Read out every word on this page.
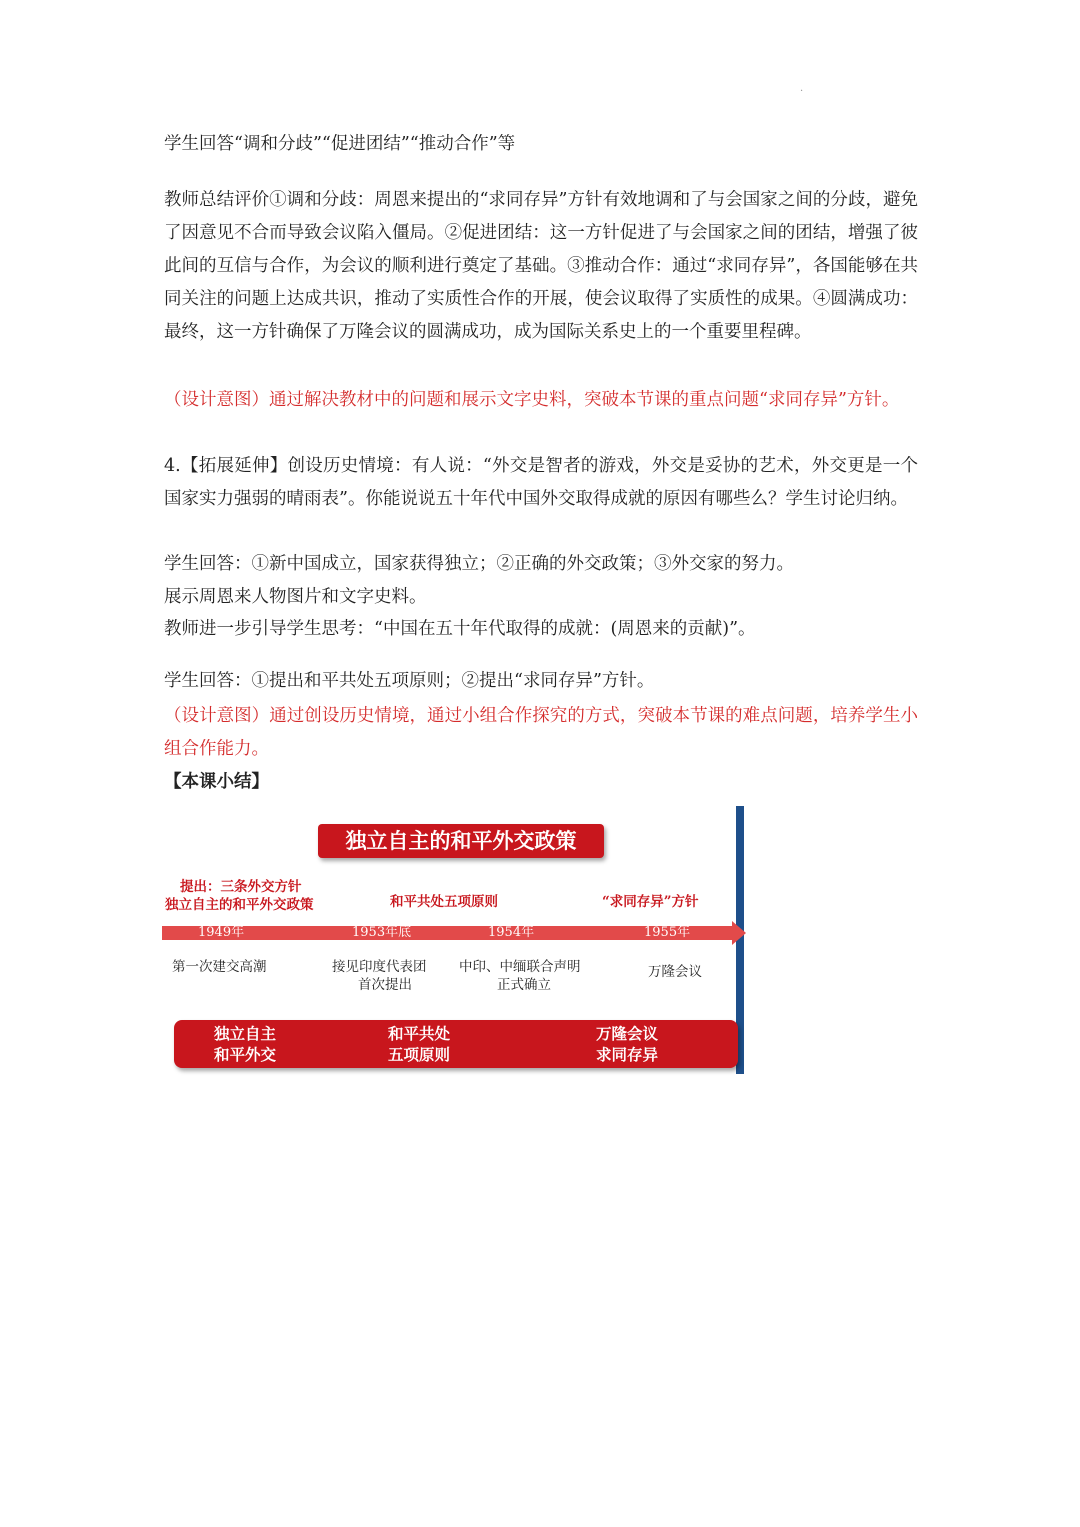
·

学生回答“调和分歧”“促进团结”“推动合作”等

教师总结评价①调和分歧：周恩来提出的“求同存异”方针有效地调和了与会国家之间的分歧，避免了因意见不合而导致会议陷入僵局。②促进团结：这一方针促进了与会国家之间的团结，增强了彼此间的互信与合作，为会议的顺利进行奠定了基础。③推动合作：通过“求同存异”，各国能够在共同关注的问题上达成共识，推动了实质性合作的开展，使会议取得了实质性的成果。④圆满成功：最终，这一方针确保了万隆会议的圆满成功，成为国际关系史上的一个重要里程碑。

（设计意图）通过解决教材中的问题和展示文字史料，突破本节课的重点问题“求同存异”方针。

4.【拓展延伸】创设历史情境：有人说：“外交是智者的游戏，外交是妥协的艺术，外交更是一个国家实力强弱的晴雨表”。你能说说五十年代中国外交取得成就的原因有哪些么？学生讨论归纳。

学生回答：①新中国成立，国家获得独立；②正确的外交政策；③外交家的努力。

展示周恩来人物图片和文字史料。

教师进一步引导学生思考：“中国在五十年代取得的成就：(周恩来的贡献)”。

学生回答：①提出和平共处五项原则；②提出“求同存异”方针。

（设计意图）通过创设历史情境，通过小组合作探究的方式，突破本节课的难点问题，培养学生小组合作能力。

【本课小结】

独立自主的和平外交政策
提出：三条外交方针
独立自主的和平外交政策	和平共处五项原则	“求同存异”方针
1949年	1953年底	1954年	1955年
第一次建交高潮	接见印度代表团
首次提出
中印、中缅联合声明
正式确立
万隆会议
独立自主
和平外交
和平共处
五项原则
万隆会议
求同存异
